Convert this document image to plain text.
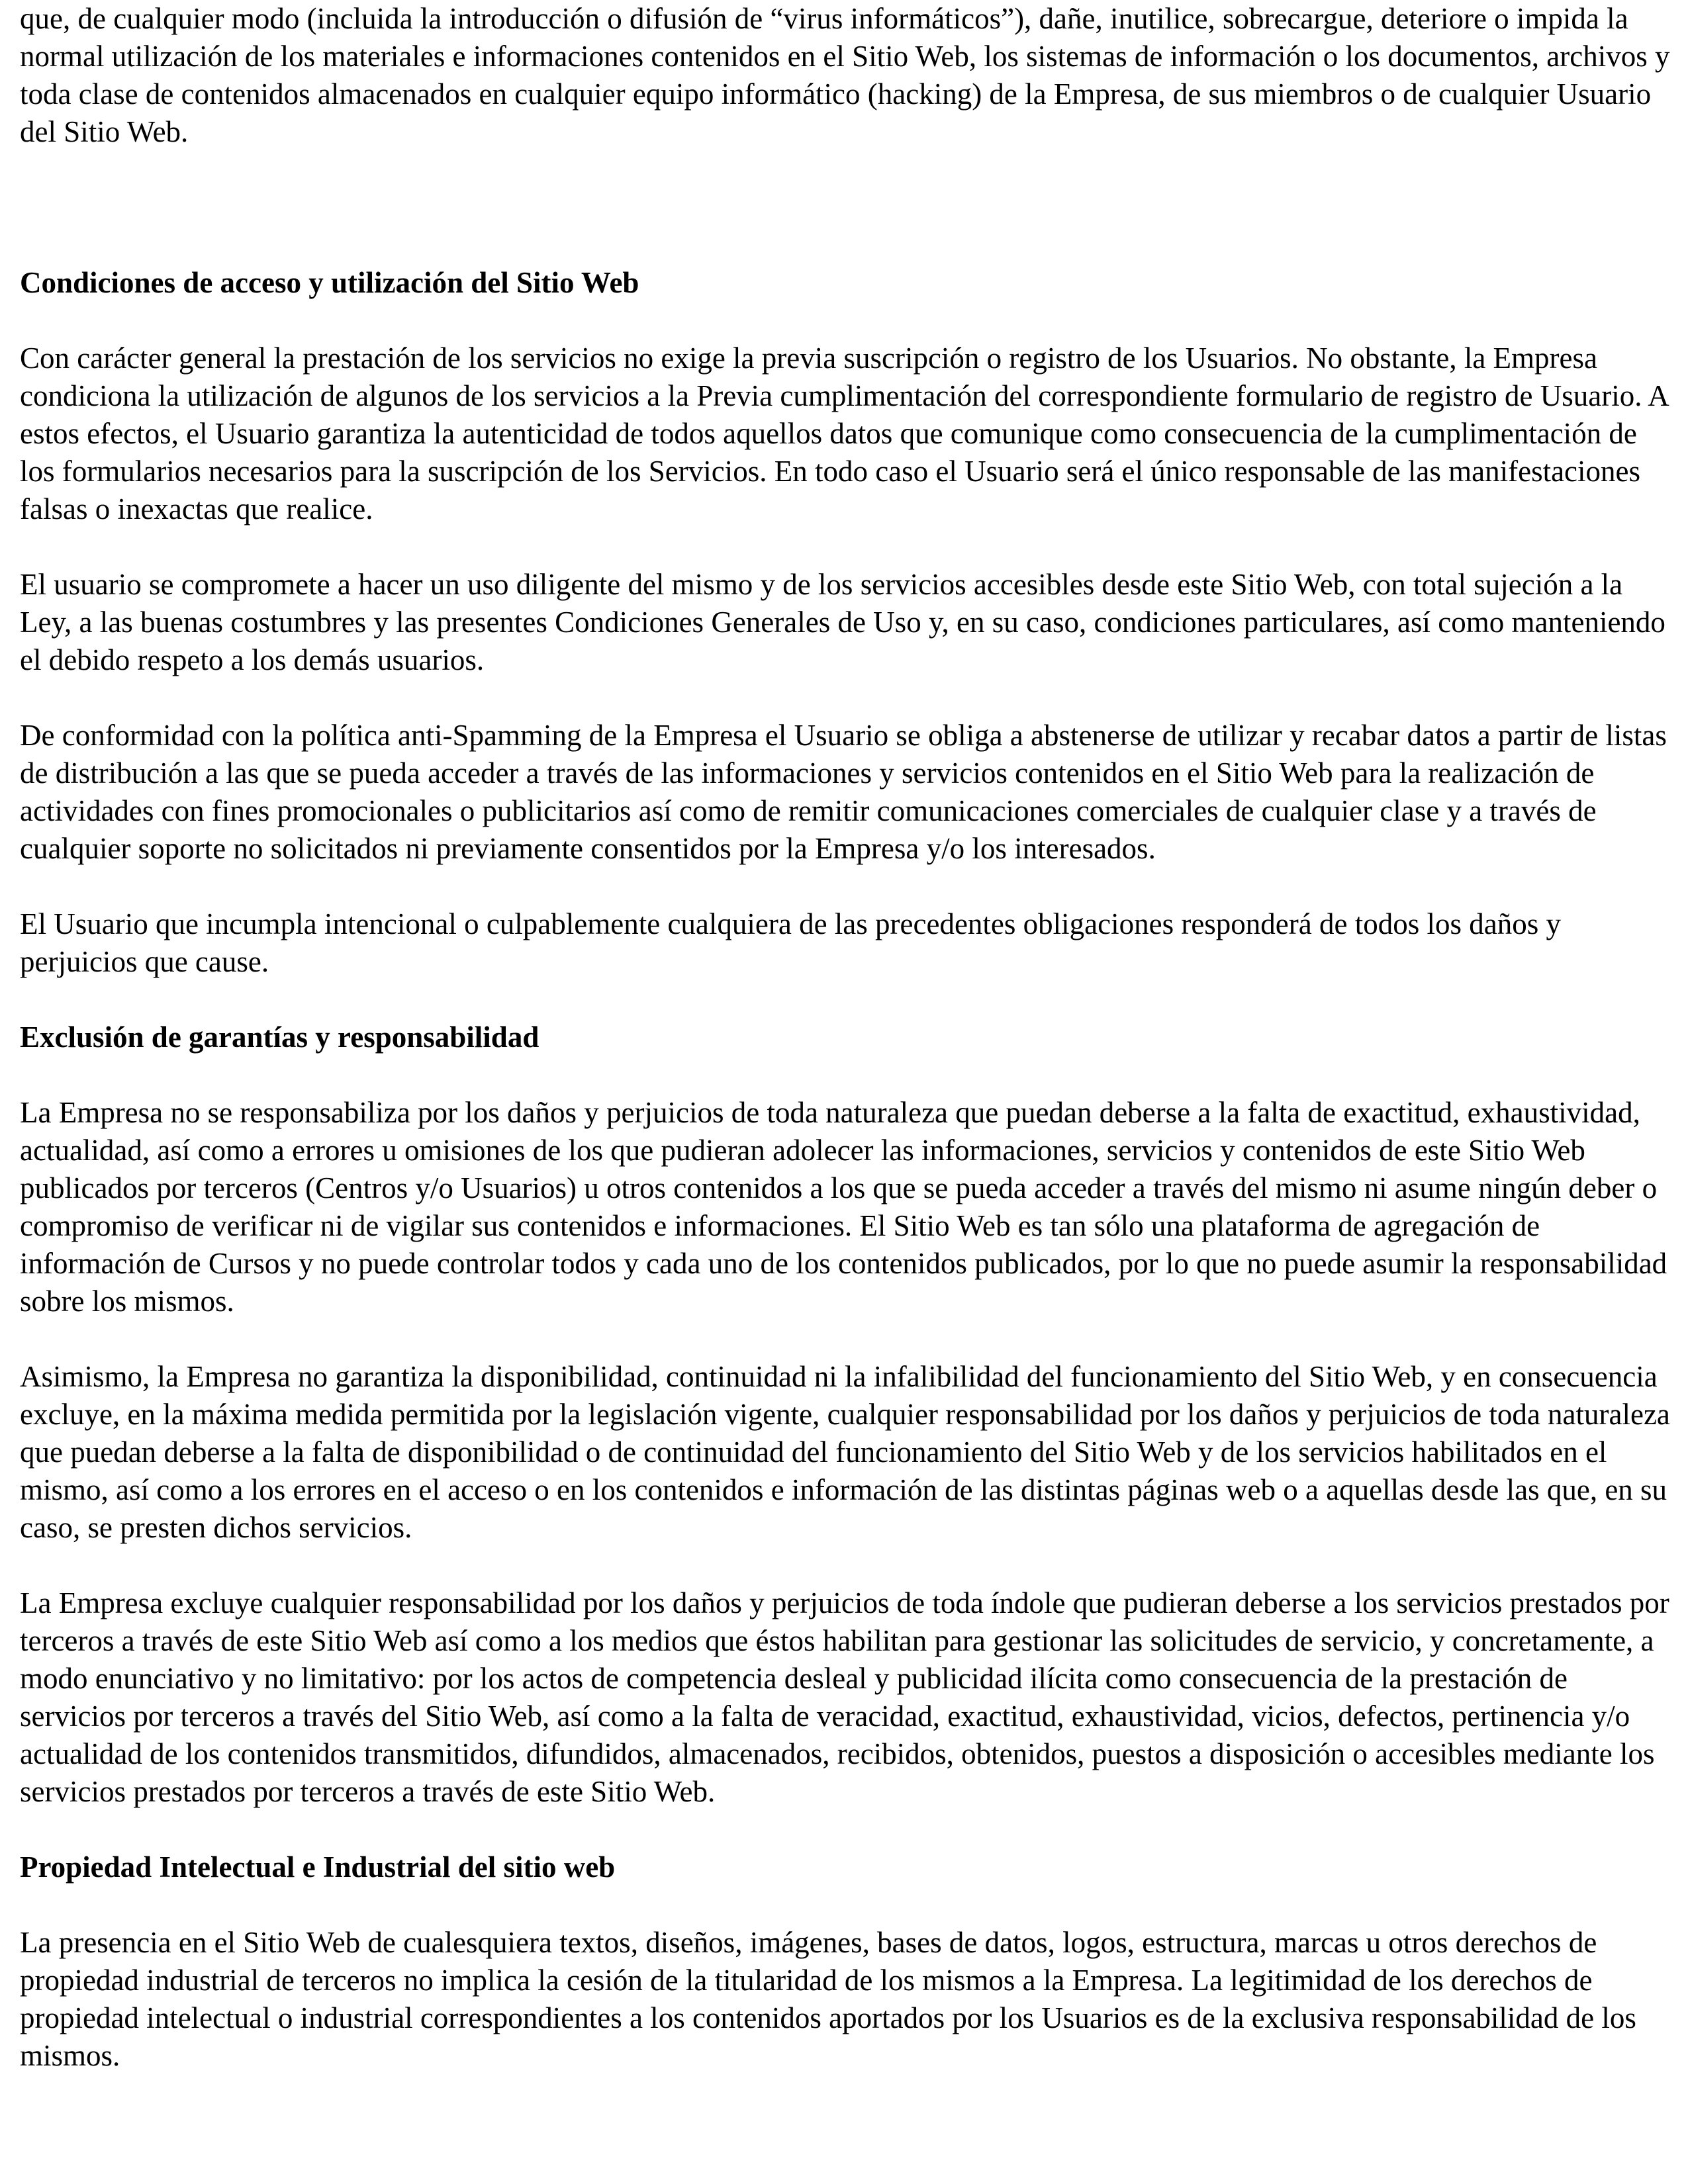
que, de cualquier modo (incluida la introducción o difusión de “virus informáticos”), dañe, inutilice, sobrecargue, deteriore o impida la normal utilización de los materiales e informaciones contenidos en el Sitio Web, los sistemas de información o los documentos, archivos y toda clase de contenidos almacenados en cualquier equipo informático (hacking) de la Empresa, de sus miembros o de cualquier Usuario del Sitio Web.

Condiciones de acceso y utilización del Sitio Web

Con carácter general la prestación de los servicios no exige la previa suscripción o registro de los Usuarios. No obstante, la Empresa condiciona la utilización de algunos de los servicios a la Previa cumplimentación del correspondiente formulario de registro de Usuario. A estos efectos, el Usuario garantiza la autenticidad de todos aquellos datos que comunique como consecuencia de la cumplimentación de los formularios necesarios para la suscripción de los Servicios. En todo caso el Usuario será el único responsable de las manifestaciones falsas o inexactas que realice.

El usuario se compromete a hacer un uso diligente del mismo y de los servicios accesibles desde este Sitio Web, con total sujeción a la Ley, a las buenas costumbres y las presentes Condiciones Generales de Uso y, en su caso, condiciones particulares, así como manteniendo el debido respeto a los demás usuarios.

De conformidad con la política anti-Spamming de la Empresa el Usuario se obliga a abstenerse de utilizar y recabar datos a partir de listas de distribución a las que se pueda acceder a través de las informaciones y servicios contenidos en el Sitio Web para la realización de actividades con fines promocionales o publicitarios así como de remitir comunicaciones comerciales de cualquier clase y a través de cualquier soporte no solicitados ni previamente consentidos por la Empresa y/o los interesados.

El Usuario que incumpla intencional o culpablemente cualquiera de las precedentes obligaciones responderá de todos los daños y perjuicios que cause.

Exclusión de garantías y responsabilidad

La Empresa no se responsabiliza por los daños y perjuicios de toda naturaleza que puedan deberse a la falta de exactitud, exhaustividad, actualidad, así como a errores u omisiones de los que pudieran adolecer las informaciones, servicios y contenidos de este Sitio Web publicados por terceros (Centros y/o Usuarios) u otros contenidos a los que se pueda acceder a través del mismo ni asume ningún deber o compromiso de verificar ni de vigilar sus contenidos e informaciones. El Sitio Web es tan sólo una plataforma de agregación de información de Cursos y no puede controlar todos y cada uno de los contenidos publicados, por lo que no puede asumir la responsabilidad sobre los mismos.

Asimismo, la Empresa no garantiza la disponibilidad, continuidad ni la infalibilidad del funcionamiento del Sitio Web, y en consecuencia excluye, en la máxima medida permitida por la legislación vigente, cualquier responsabilidad por los daños y perjuicios de toda naturaleza que puedan deberse a la falta de disponibilidad o de continuidad del funcionamiento del Sitio Web y de los servicios habilitados en el mismo, así como a los errores en el acceso o en los contenidos e información de las distintas páginas web o a aquellas desde las que, en su caso, se presten dichos servicios.

La Empresa excluye cualquier responsabilidad por los daños y perjuicios de toda índole que pudieran deberse a los servicios prestados por terceros a través de este Sitio Web así como a los medios que éstos habilitan para gestionar las solicitudes de servicio, y concretamente, a modo enunciativo y no limitativo: por los actos de competencia desleal y publicidad ilícita como consecuencia de la prestación de servicios por terceros a través del Sitio Web, así como a la falta de veracidad, exactitud, exhaustividad, vicios, defectos, pertinencia y/o actualidad de los contenidos transmitidos, difundidos, almacenados, recibidos, obtenidos, puestos a disposición o accesibles mediante los servicios prestados por terceros a través de este Sitio Web.

Propiedad Intelectual e Industrial del sitio web

La presencia en el Sitio Web de cualesquiera textos, diseños, imágenes, bases de datos, logos, estructura, marcas u otros derechos de propiedad industrial de terceros no implica la cesión de la titularidad de los mismos a la Empresa. La legitimidad de los derechos de propiedad intelectual o industrial correspondientes a los contenidos aportados por los Usuarios es de la exclusiva responsabilidad de los mismos.
